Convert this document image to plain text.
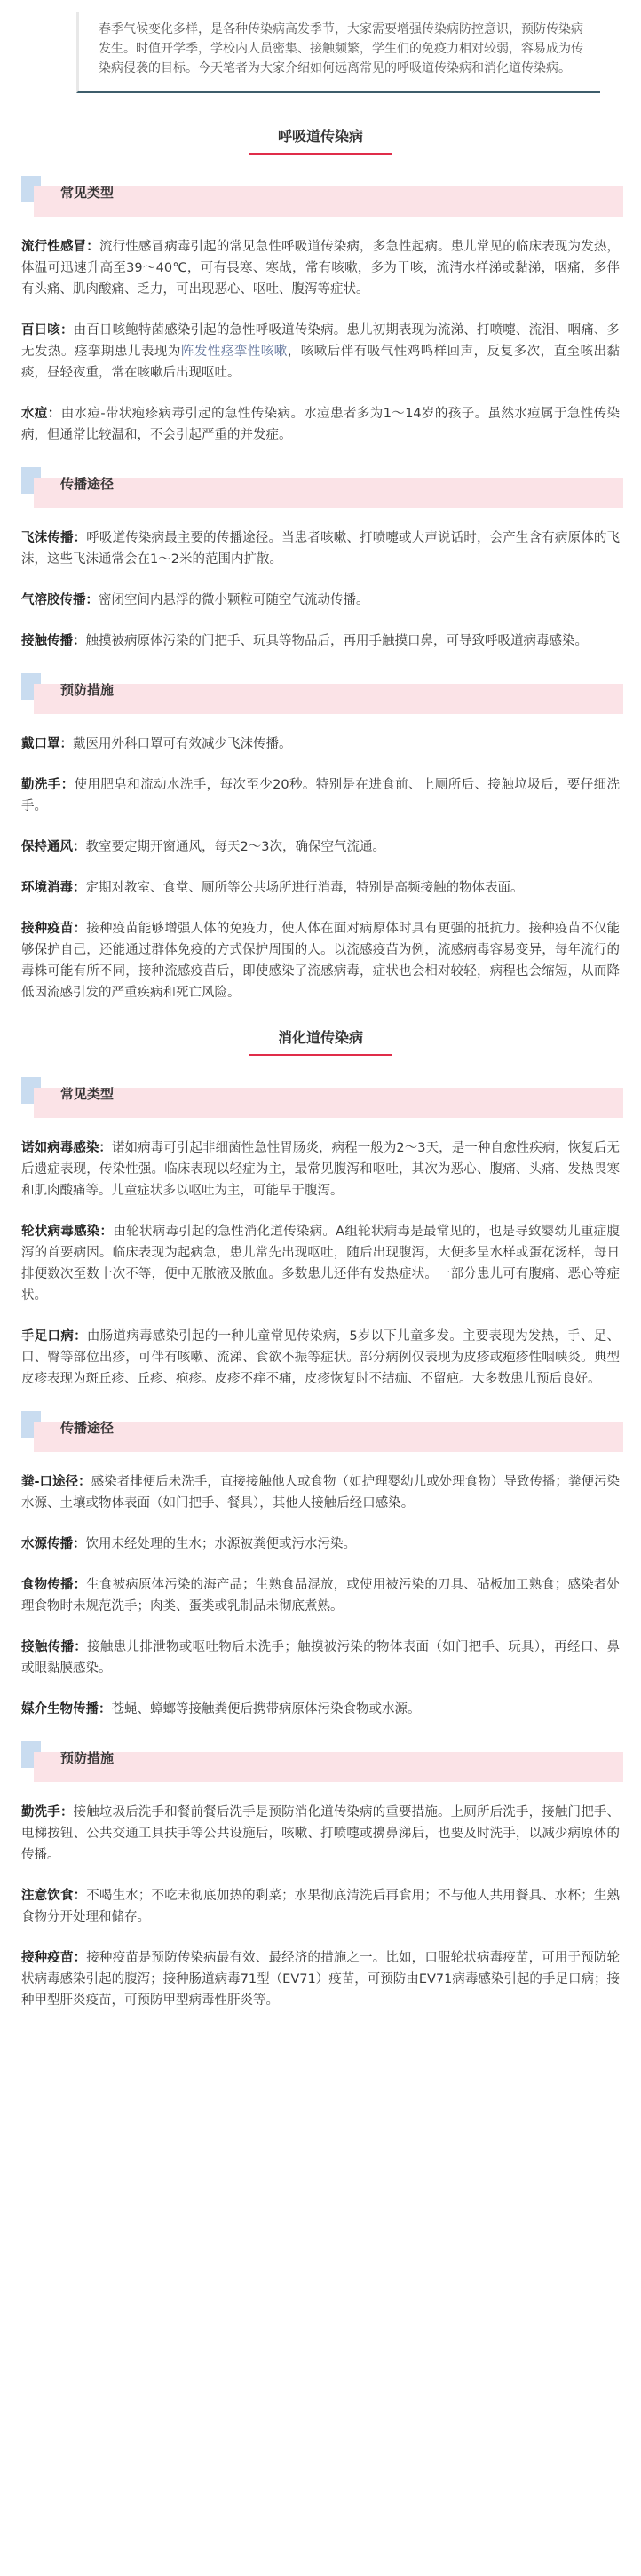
春季气候变化多样，是各种传染病高发季节，大家需要增强传染病防控意识，预防传染病发生。时值开学季，学校内人员密集、接触频繁，学生们的免疫力相对较弱，容易成为传染病侵袭的目标。今天笔者为大家介绍如何远离常见的呼吸道传染病和消化道传染病。
呼吸道传染病
常见类型

流行性感冒：流行性感冒病毒引起的常见急性呼吸道传染病，多急性起病。患儿常见的临床表现为发热，体温可迅速升高至39～40℃，可有畏寒、寒战，常有咳嗽，多为干咳，流清水样涕或黏涕，咽痛，多伴有头痛、肌肉酸痛、乏力，可出现恶心、呕吐、腹泻等症状。

百日咳：由百日咳鲍特菌感染引起的急性呼吸道传染病。患儿初期表现为流涕、打喷嚏、流泪、咽痛、多无发热。痉挛期患儿表现为阵发性痉挛性咳嗽，咳嗽后伴有吸气性鸡鸣样回声，反复多次，直至咳出黏痰，昼轻夜重，常在咳嗽后出现呕吐。

水痘：由水痘-带状疱疹病毒引起的急性传染病。水痘患者多为1～14岁的孩子。虽然水痘属于急性传染病，但通常比较温和，不会引起严重的并发症。

传播途径

飞沫传播：呼吸道传染病最主要的传播途径。当患者咳嗽、打喷嚏或大声说话时，会产生含有病原体的飞沫，这些飞沫通常会在1～2米的范围内扩散。

气溶胶传播：密闭空间内悬浮的微小颗粒可随空气流动传播。

接触传播：触摸被病原体污染的门把手、玩具等物品后，再用手触摸口鼻，可导致呼吸道病毒感染。

预防措施

戴口罩：戴医用外科口罩可有效减少飞沫传播。

勤洗手：使用肥皂和流动水洗手，每次至少20秒。特别是在进食前、上厕所后、接触垃圾后，要仔细洗手。

保持通风：教室要定期开窗通风，每天2～3次，确保空气流通。

环境消毒：定期对教室、食堂、厕所等公共场所进行消毒，特别是高频接触的物体表面。

接种疫苗：接种疫苗能够增强人体的免疫力，使人体在面对病原体时具有更强的抵抗力。接种疫苗不仅能够保护自己，还能通过群体免疫的方式保护周围的人。以流感疫苗为例，流感病毒容易变异，每年流行的毒株可能有所不同，接种流感疫苗后，即使感染了流感病毒，症状也会相对较轻，病程也会缩短，从而降低因流感引发的严重疾病和死亡风险。

消化道传染病
常见类型

诺如病毒感染：诺如病毒可引起非细菌性急性胃肠炎，病程一般为2～3天，是一种自愈性疾病，恢复后无后遗症表现，传染性强。临床表现以轻症为主，最常见腹泻和呕吐，其次为恶心、腹痛、头痛、发热畏寒和肌肉酸痛等。儿童症状多以呕吐为主，可能早于腹泻。

轮状病毒感染：由轮状病毒引起的急性消化道传染病。A组轮状病毒是最常见的，也是导致婴幼儿重症腹泻的首要病因。临床表现为起病急，患儿常先出现呕吐，随后出现腹泻，大便多呈水样或蛋花汤样，每日排便数次至数十次不等，便中无脓液及脓血。多数患儿还伴有发热症状。一部分患儿可有腹痛、恶心等症状。

手足口病：由肠道病毒感染引起的一种儿童常见传染病，5岁以下儿童多发。主要表现为发热，手、足、口、臀等部位出疹，可伴有咳嗽、流涕、食欲不振等症状。部分病例仅表现为皮疹或疱疹性咽峡炎。典型皮疹表现为斑丘疹、丘疹、疱疹。皮疹不痒不痛，皮疹恢复时不结痂、不留疤。大多数患儿预后良好。

传播途径

粪-口途径：感染者排便后未洗手，直接接触他人或食物（如护理婴幼儿或处理食物）导致传播；粪便污染水源、土壤或物体表面（如门把手、餐具），其他人接触后经口感染。

水源传播：饮用未经处理的生水；水源被粪便或污水污染。

食物传播：生食被病原体污染的海产品；生熟食品混放，或使用被污染的刀具、砧板加工熟食；感染者处理食物时未规范洗手；肉类、蛋类或乳制品未彻底煮熟。

接触传播：接触患儿排泄物或呕吐物后未洗手；触摸被污染的物体表面（如门把手、玩具），再经口、鼻或眼黏膜感染。

媒介生物传播：苍蝇、蟑螂等接触粪便后携带病原体污染食物或水源。

预防措施

勤洗手：接触垃圾后洗手和餐前餐后洗手是预防消化道传染病的重要措施。上厕所后洗手，接触门把手、电梯按钮、公共交通工具扶手等公共设施后，咳嗽、打喷嚏或擤鼻涕后，也要及时洗手，以减少病原体的传播。

注意饮食：不喝生水；不吃未彻底加热的剩菜；水果彻底清洗后再食用；不与他人共用餐具、水杯；生熟食物分开处理和储存。

接种疫苗：接种疫苗是预防传染病最有效、最经济的措施之一。比如，口服轮状病毒疫苗，可用于预防轮状病毒感染引起的腹泻；接种肠道病毒71型（EV71）疫苗，可预防由EV71病毒感染引起的手足口病；接种甲型肝炎疫苗，可预防甲型病毒性肝炎等。
